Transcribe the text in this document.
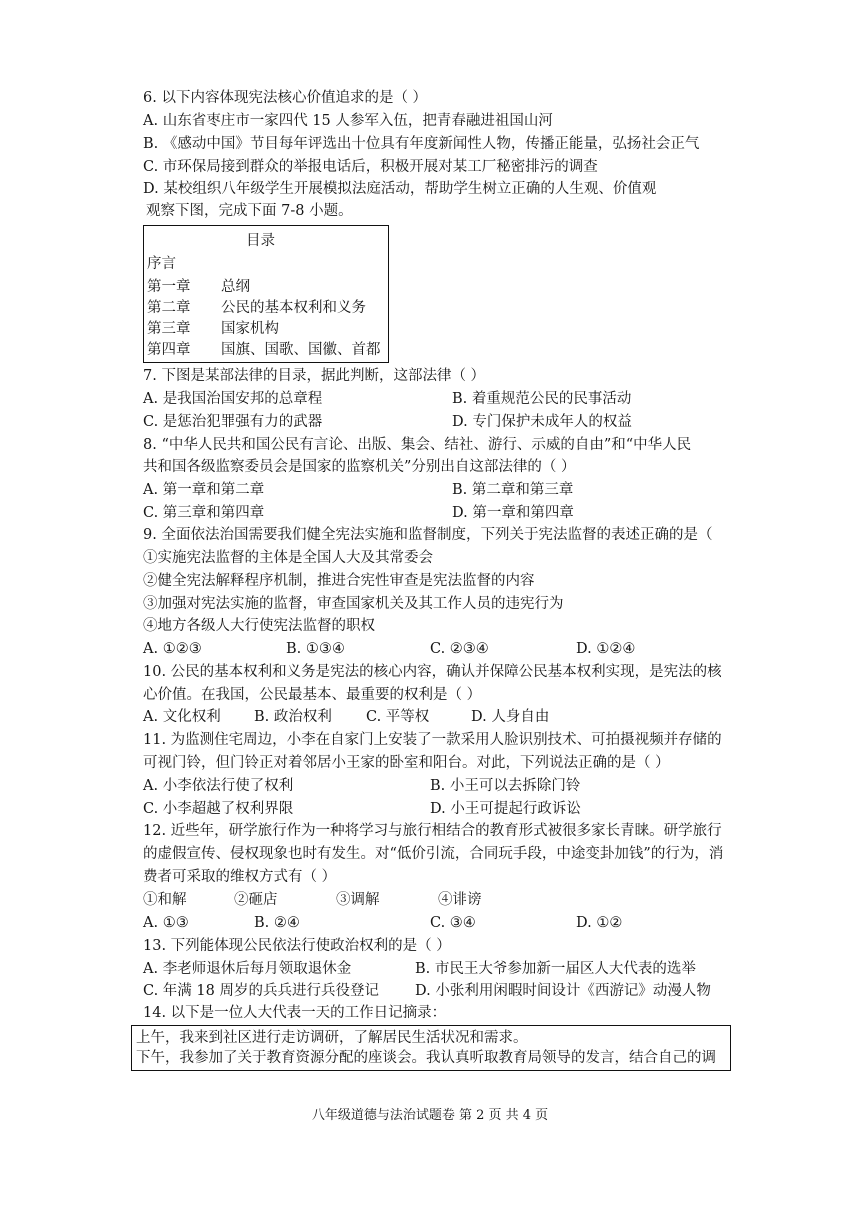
6. 以下内容体现宪法核心价值追求的是（ ）
A. 山东省枣庄市一家四代 15 人参军入伍，把青春融进祖国山河
B. 《感动中国》节目每年评选出十位具有年度新闻性人物，传播正能量，弘扬社会正气
C. 市环保局接到群众的举报电话后，积极开展对某工厂秘密排污的调查
D. 某校组织八年级学生开展模拟法庭活动，帮助学生树立正确的人生观、价值观
观察下图，完成下面 7-8 小题。
目录
序言
第一章 总纲
第二章 公民的基本权利和义务
第三章 国家机构
第四章 国旗、国歌、国徽、首都
7. 下图是某部法律的目录，据此判断，这部法律（ ）
A. 是我国治国安邦的总章程	B. 着重规范公民的民事活动
C. 是惩治犯罪强有力的武器	D. 专门保护未成年人的权益
8. “中华人民共和国公民有言论、出版、集会、结社、游行、示威的自由”和“中华人民
共和国各级监察委员会是国家的监察机关”分别出自这部法律的（ ）
A. 第一章和第二章	B. 第二章和第三章
C. 第三章和第四章	D. 第一章和第四章
9. 全面依法治国需要我们健全宪法实施和监督制度，下列关于宪法监督的表述正确的是（
①实施宪法监督的主体是全国人大及其常委会
②健全宪法解释程序机制，推进合宪性审查是宪法监督的内容
③加强对宪法实施的监督，审查国家机关及其工作人员的违宪行为
④地方各级人大行使宪法监督的职权
A. ①②③	B. ①③④	C. ②③④	D. ①②④
10. 公民的基本权利和义务是宪法的核心内容，确认并保障公民基本权利实现，是宪法的核
心价值。在我国，公民最基本、最重要的权利是（ ）
A. 文化权利 B. 政治权利 C. 平等权	D. 人身自由
11. 为监测住宅周边，小李在自家门上安装了一款采用人脸识别技术、可拍摄视频并存储的
可视门铃，但门铃正对着邻居小王家的卧室和阳台。对此，下列说法正确的是（ ）
A. 小李依法行使了权利	B. 小王可以去拆除门铃
C. 小李超越了权利界限	D. 小王可提起行政诉讼
12. 近些年，研学旅行作为一种将学习与旅行相结合的教育形式被很多家长青睐。研学旅行
的虚假宣传、侵权现象也时有发生。对“低价引流，合同玩手段，中途变卦加钱”的行为，消
费者可采取的维权方式有（ ）
①和解	②砸店	③调解	④诽谤
A. ①③	B. ②④	C. ③④	D. ①②
13. 下列能体现公民依法行使政治权利的是（ ）
A. 李老师退休后每月领取退休金	B. 市民王大爷参加新一届区人大代表的选举
C. 年满 18 周岁的兵兵进行兵役登记 D. 小张利用闲暇时间设计《西游记》动漫人物
14. 以下是一位人大代表一天的工作日记摘录：
上午，我来到社区进行走访调研，了解居民生活状况和需求。
下午，我参加了关于教育资源分配的座谈会。我认真听取教育局领导的发言，结合自己的调
八年级道德与法治试题卷 第 2 页 共 4 页
